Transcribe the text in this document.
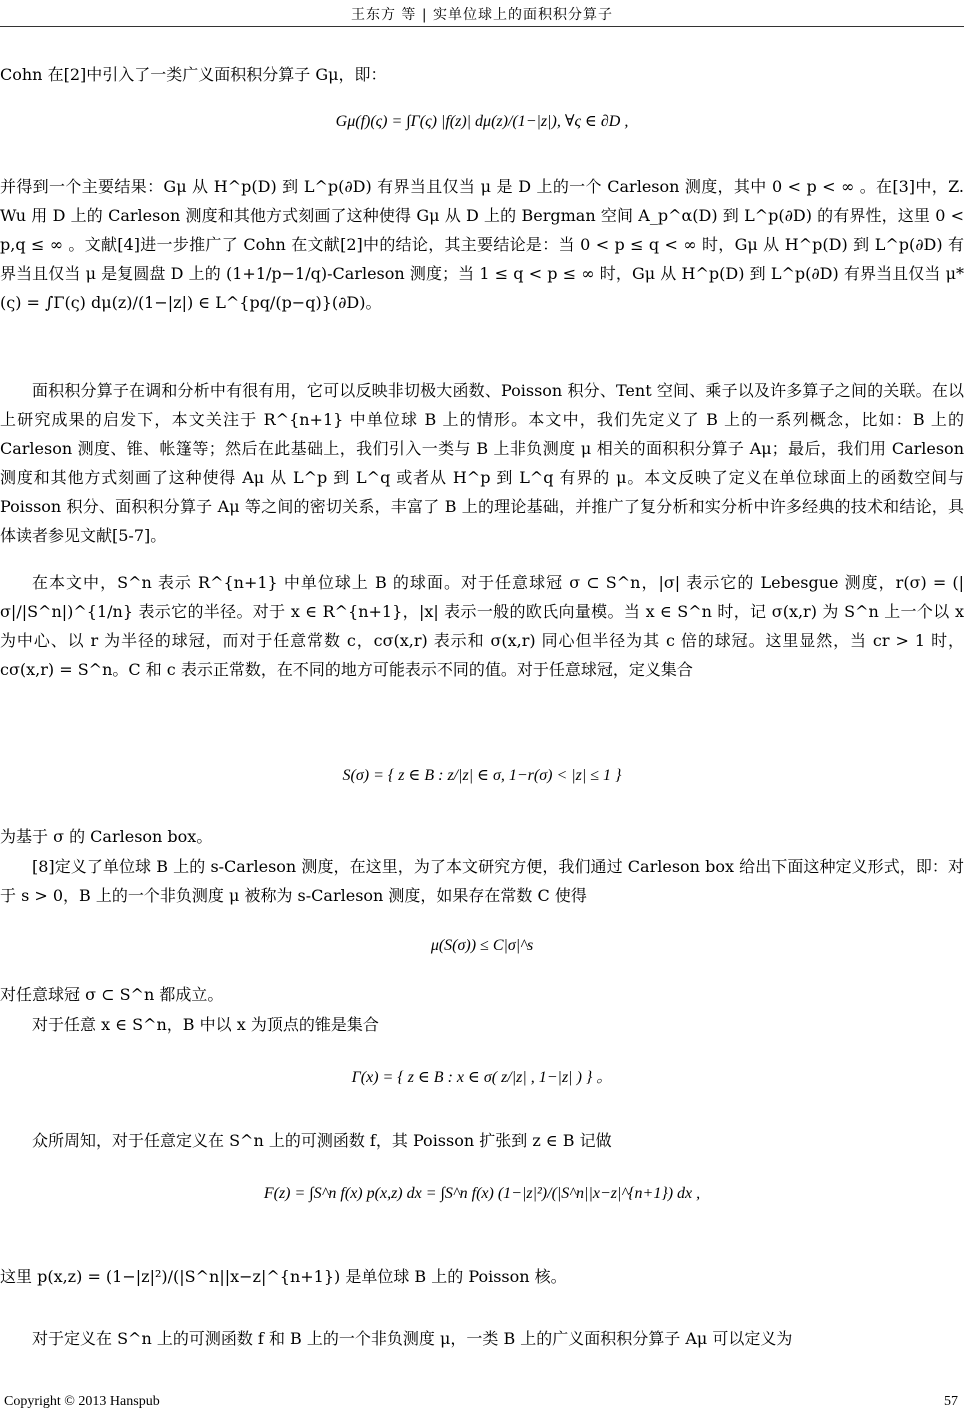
王东方 等 | 实单位球上的面积积分算子

Cohn 在[2]中引入了一类广义面积积分算子 Gμ，即：

Gμ(f)(ς) = ∫Γ(ς) |f(z)| dμ(z)/(1−|z|), ∀ς ∈ ∂D ,

并得到一个主要结果：Gμ 从 H^p(D) 到 L^p(∂D) 有界当且仅当 μ 是 D 上的一个 Carleson 测度，其中 0 < p < ∞ 。在[3]中，Z. Wu 用 D 上的 Carleson 测度和其他方式刻画了这种使得 Gμ 从 D 上的 Bergman 空间 A_p^α(D) 到 L^p(∂D) 的有界性，这里 0 < p,q ≤ ∞ 。文献[4]进一步推广了 Cohn 在文献[2]中的结论，其主要结论是：当 0 < p ≤ q < ∞ 时，Gμ 从 H^p(D) 到 L^p(∂D) 有界当且仅当 μ 是复圆盘 D 上的 (1+1/p−1/q)-Carleson 测度；当 1 ≤ q < p ≤ ∞ 时，Gμ 从 H^p(D) 到 L^p(∂D) 有界当且仅当 μ*(ς) = ∫Γ(ς) dμ(z)/(1−|z|) ∈ L^{pq/(p−q)}(∂D)。

面积积分算子在调和分析中有很有用，它可以反映非切极大函数、Poisson 积分、Tent 空间、乘子以及许多算子之间的关联。在以上研究成果的启发下，本文关注于 R^{n+1} 中单位球 B 上的情形。本文中，我们先定义了 B 上的一系列概念，比如：B 上的 Carleson 测度、锥、帐篷等；然后在此基础上，我们引入一类与 B 上非负测度 μ 相关的面积积分算子 Aμ；最后，我们用 Carleson 测度和其他方式刻画了这种使得 Aμ 从 L^p 到 L^q 或者从 H^p 到 L^q 有界的 μ。本文反映了定义在单位球面上的函数空间与 Poisson 积分、面积积分算子 Aμ 等之间的密切关系，丰富了 B 上的理论基础，并推广了复分析和实分析中许多经典的技术和结论，具体读者参见文献[5-7]。

在本文中，S^n 表示 R^{n+1} 中单位球上 B 的球面。对于任意球冠 σ ⊂ S^n，|σ| 表示它的 Lebesgue 测度，r(σ) = (|σ|/|S^n|)^{1/n} 表示它的半径。对于 x ∈ R^{n+1}，|x| 表示一般的欧氏向量模。当 x ∈ S^n 时，记 σ(x,r) 为 S^n 上一个以 x 为中心、以 r 为半径的球冠，而对于任意常数 c，cσ(x,r) 表示和 σ(x,r) 同心但半径为其 c 倍的球冠。这里显然，当 cr > 1 时，cσ(x,r) = S^n。C 和 c 表示正常数，在不同的地方可能表示不同的值。对于任意球冠，定义集合

S(σ) = { z ∈ B : z/|z| ∈ σ, 1−r(σ) < |z| ≤ 1 }

为基于 σ 的 Carleson box。

[8]定义了单位球 B 上的 s-Carleson 测度，在这里，为了本文研究方便，我们通过 Carleson box 给出下面这种定义形式，即：对于 s > 0，B 上的一个非负测度 μ 被称为 s-Carleson 测度，如果存在常数 C 使得

μ(S(σ)) ≤ C|σ|^s

对任意球冠 σ ⊂ S^n 都成立。

对于任意 x ∈ S^n，B 中以 x 为顶点的锥是集合

Γ(x) = { z ∈ B : x ∈ σ( z/|z| , 1−|z| ) } 。

众所周知，对于任意定义在 S^n 上的可测函数 f，其 Poisson 扩张到 z ∈ B 记做

F(z) = ∫S^n f(x) p(x,z) dx = ∫S^n f(x) (1−|z|²)/(|S^n||x−z|^{n+1}) dx ,

这里 p(x,z) = (1−|z|²)/(|S^n||x−z|^{n+1}) 是单位球 B 上的 Poisson 核。

对于定义在 S^n 上的可测函数 f 和 B 上的一个非负测度 μ，一类 B 上的广义面积积分算子 Aμ 可以定义为

Copyright © 2013 Hanspub	57
